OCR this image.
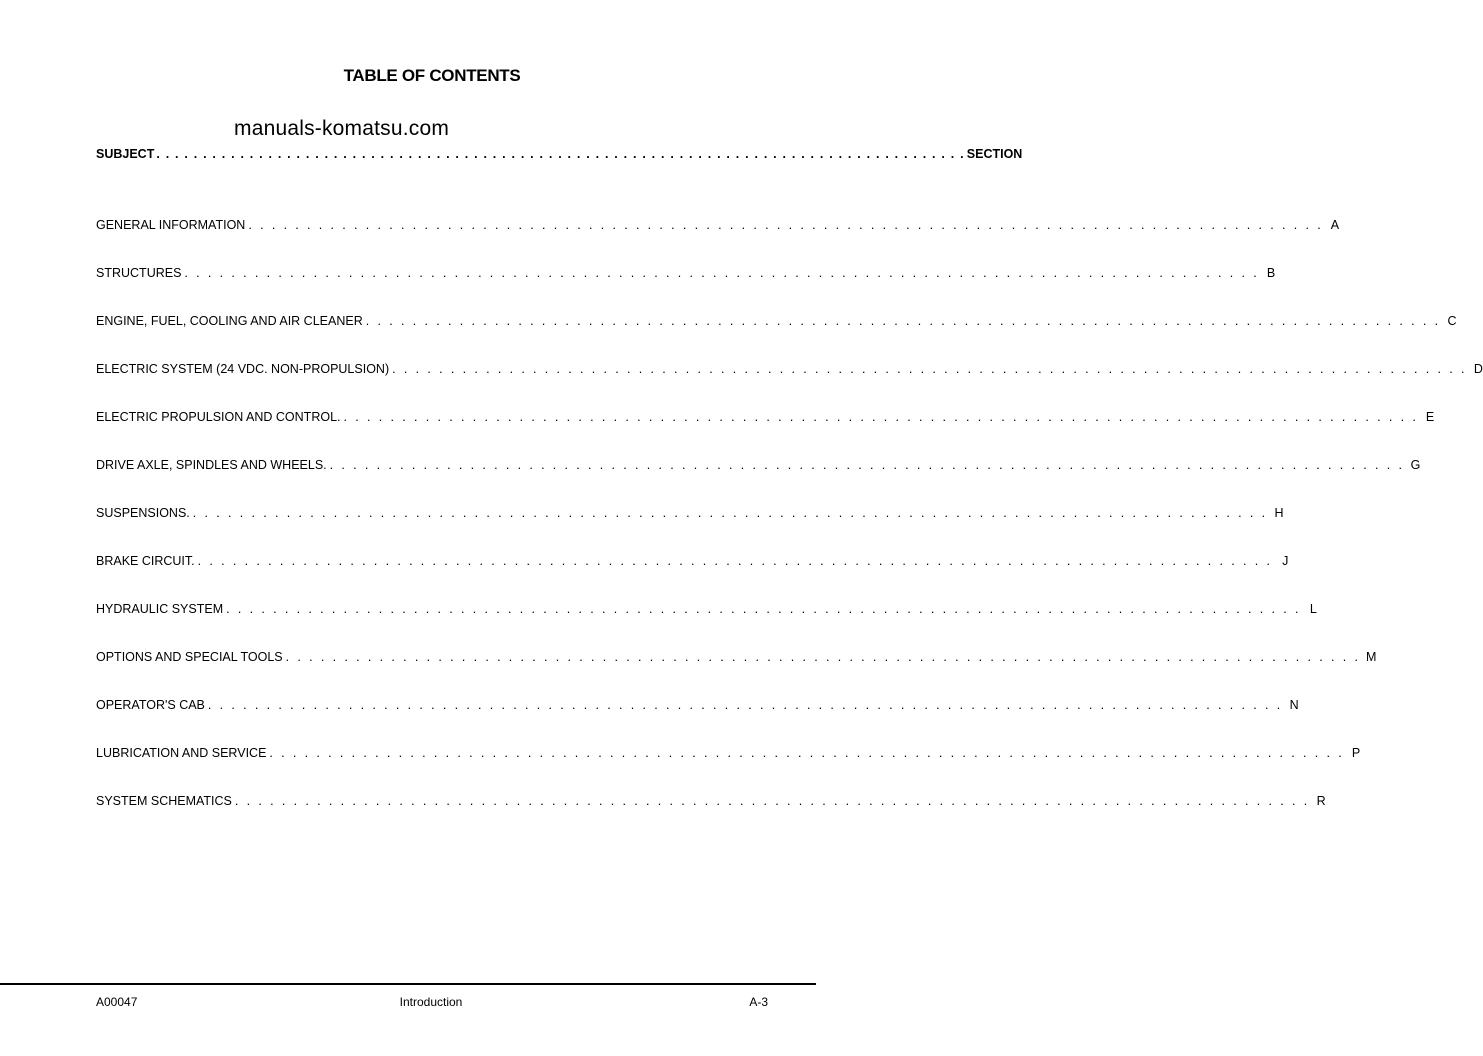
TABLE OF CONTENTS
manuals-komatsu.com
SUBJECT . . . . . . . . . . . . . . . . . . . . . . . . . . . . . . . . . . . . . . . . . . . . . . . . . . . . . . . . . . . . . . . . . . . . . . . . . . . . . . . . . . . . . . . SECTION
GENERAL INFORMATION . . . . . . . . . . . . . . . . . . . . . . . . . . . . . . . . . . . . . . . . . . . . . . . . . . . . . . . . . . . . . . . . . . . . . . . . . . . . . . . . . . . . . . . . . . . . A
STRUCTURES . . . . . . . . . . . . . . . . . . . . . . . . . . . . . . . . . . . . . . . . . . . . . . . . . . . . . . . . . . . . . . . . . . . . . . . . . . . . . . . . . . . . . . . . . . . . B
ENGINE, FUEL, COOLING AND AIR CLEANER . . . . . . . . . . . . . . . . . . . . . . . . . . . . . . . . . . . . . . . . . . . . . . . . . . . . . . . . . . . . . . . . . . . . . . . . . . . . . . . . . . . . . . . . . . . . C
ELECTRIC SYSTEM (24 VDC. NON-PROPULSION) . . . . . . . . . . . . . . . . . . . . . . . . . . . . . . . . . . . . . . . . . . . . . . . . . . . . . . . . . . . . . . . . . . . . . . . . . . . . . . . . . . . . . . . . . . . . D
ELECTRIC PROPULSION AND CONTROL. . . . . . . . . . . . . . . . . . . . . . . . . . . . . . . . . . . . . . . . . . . . . . . . . . . . . . . . . . . . . . . . . . . . . . . . . . . . . . . . . . . . . . . . . . . . . E
DRIVE AXLE, SPINDLES AND WHEELS. . . . . . . . . . . . . . . . . . . . . . . . . . . . . . . . . . . . . . . . . . . . . . . . . . . . . . . . . . . . . . . . . . . . . . . . . . . . . . . . . . . . . . . . . . . . . G
SUSPENSIONS. . . . . . . . . . . . . . . . . . . . . . . . . . . . . . . . . . . . . . . . . . . . . . . . . . . . . . . . . . . . . . . . . . . . . . . . . . . . . . . . . . . . . . . . . . . . . H
BRAKE CIRCUIT. . . . . . . . . . . . . . . . . . . . . . . . . . . . . . . . . . . . . . . . . . . . . . . . . . . . . . . . . . . . . . . . . . . . . . . . . . . . . . . . . . . . . . . . . . . . . J
HYDRAULIC SYSTEM . . . . . . . . . . . . . . . . . . . . . . . . . . . . . . . . . . . . . . . . . . . . . . . . . . . . . . . . . . . . . . . . . . . . . . . . . . . . . . . . . . . . . . . . . . . . L
OPTIONS AND SPECIAL TOOLS . . . . . . . . . . . . . . . . . . . . . . . . . . . . . . . . . . . . . . . . . . . . . . . . . . . . . . . . . . . . . . . . . . . . . . . . . . . . . . . . . . . . . . . . . . . . M
OPERATOR'S CAB . . . . . . . . . . . . . . . . . . . . . . . . . . . . . . . . . . . . . . . . . . . . . . . . . . . . . . . . . . . . . . . . . . . . . . . . . . . . . . . . . . . . . . . . . . . . N
LUBRICATION AND SERVICE . . . . . . . . . . . . . . . . . . . . . . . . . . . . . . . . . . . . . . . . . . . . . . . . . . . . . . . . . . . . . . . . . . . . . . . . . . . . . . . . . . . . . . . . . . . . P
SYSTEM SCHEMATICS . . . . . . . . . . . . . . . . . . . . . . . . . . . . . . . . . . . . . . . . . . . . . . . . . . . . . . . . . . . . . . . . . . . . . . . . . . . . . . . . . . . . . . . . . . . . R
A00047	Introduction	A-3
